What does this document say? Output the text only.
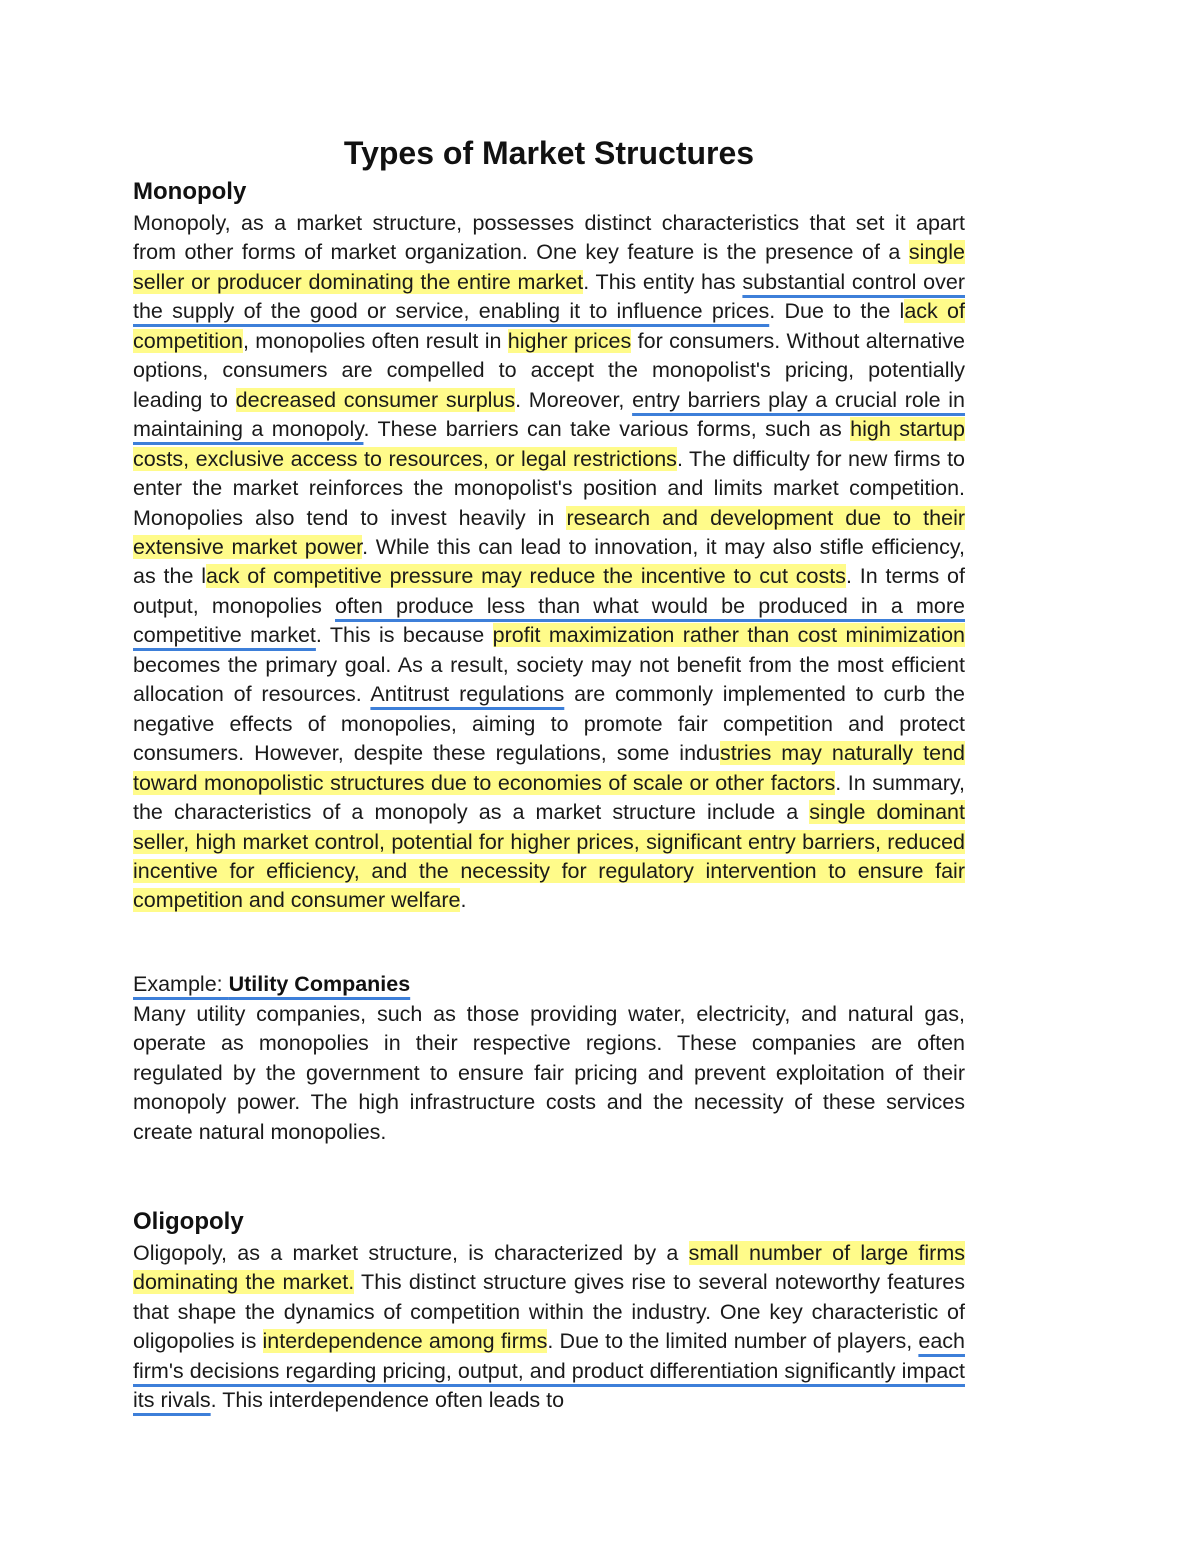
Types of Market Structures
Monopoly

Monopoly, as a market structure, possesses distinct characteristics that set it apart from other forms of market organization. One key feature is the presence of a single seller or producer dominating the entire market. This entity has substantial control over the supply of the good or service, enabling it to influence prices. Due to the lack of competition, monopolies often result in higher prices for consumers. Without alternative options, consumers are compelled to accept the monopolist's pricing, potentially leading to decreased consumer surplus. Moreover, entry barriers play a crucial role in maintaining a monopoly. These barriers can take various forms, such as high startup costs, exclusive access to resources, or legal restrictions. The difficulty for new firms to enter the market reinforces the monopolist's position and limits market competition. Monopolies also tend to invest heavily in research and development due to their extensive market power. While this can lead to innovation, it may also stifle efficiency, as the lack of competitive pressure may reduce the incentive to cut costs. In terms of output, monopolies often produce less than what would be produced in a more competitive market. This is because profit maximization rather than cost minimization becomes the primary goal. As a result, society may not benefit from the most efficient allocation of resources. Antitrust regulations are commonly implemented to curb the negative effects of monopolies, aiming to promote fair competition and protect consumers. However, despite these regulations, some industries may naturally tend toward monopolistic structures due to economies of scale or other factors. In summary, the characteristics of a monopoly as a market structure include a single dominant seller, high market control, potential for higher prices, significant entry barriers, reduced incentive for efficiency, and the necessity for regulatory intervention to ensure fair competition and consumer welfare.

Example: Utility Companies

Many utility companies, such as those providing water, electricity, and natural gas, operate as monopolies in their respective regions. These companies are often regulated by the government to ensure fair pricing and prevent exploitation of their monopoly power. The high infrastructure costs and the necessity of these services create natural monopolies.

Oligopoly

Oligopoly, as a market structure, is characterized by a small number of large firms dominating the market. This distinct structure gives rise to several noteworthy features that shape the dynamics of competition within the industry. One key characteristic of oligopolies is interdependence among firms. Due to the limited number of players, each firm's decisions regarding pricing, output, and product differentiation significantly impact its rivals. This interdependence often leads to
